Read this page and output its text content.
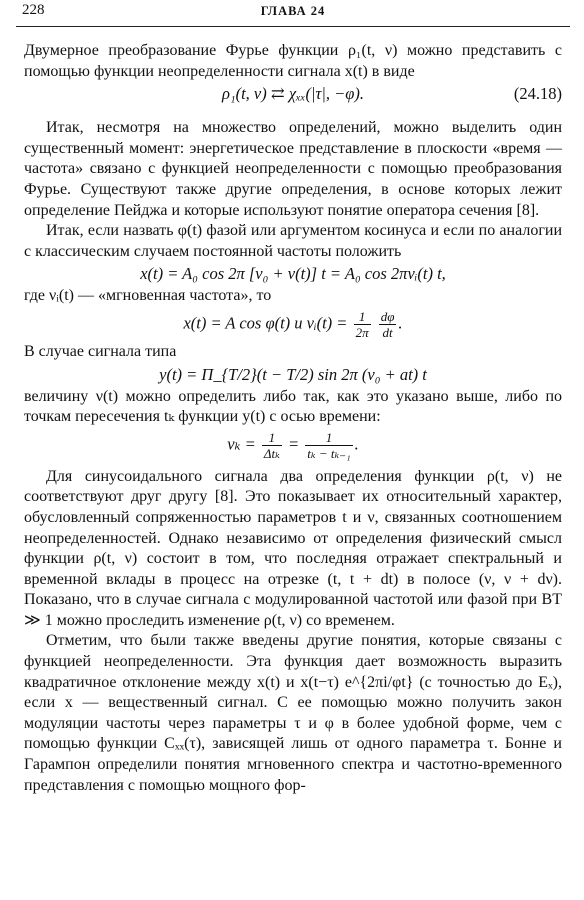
228	ГЛАВА 24

Двумерное преобразование Фурье функции ρ₁(t, ν) можно представить с помощью функции неопределенности сигнала x(t) в виде

ρ₁(t, ν) ⇄ χₓₓ(|τ|, −φ).	(24.18)

Итак, несмотря на множество определений, можно выделить один существенный момент: энергетическое представление в плоскости «время — частота» связано с функцией неопределенности с помощью преобразования Фурье. Существуют также другие определения, в основе которых лежит определение Пейджа и которые используют понятие оператора сечения [8].

Итак, если назвать φ(t) фазой или аргументом косинуса и если по аналогии с классическим случаем постоянной частоты положить

x(t) = A₀ cos 2π [ν₀ + ν(t)] t = A₀ cos 2πνᵢ(t) t,

где νᵢ(t) — «мгновенная частота», то

x(t) = A cos φ(t) и νᵢ(t) = $\frac{1}{2\pi}$
$\frac{d\varphi}{dt}$ .

В случае сигнала типа

y(t) = Π_{T/2}(t − T/2) sin 2π (ν₀ + at) t

величину ν(t) можно определить либо так, как это указано выше, либо по точкам пересечения tₖ функции y(t) с осью времени:

$\nu_k = \frac{1}{\text{Δtₖ}} = \frac{1}{\text{tₖ − tₖ₋₁}}$ .

Для синусоидального сигнала два определения функции ρ(t, ν) не соответствуют друг другу [8]. Это показывает их относительный характер, обусловленный сопряженностью параметров t и ν, связанных соотношением неопределенностей. Однако независимо от определения физический смысл функции ρ(t, ν) состоит в том, что последняя отражает спектральный и временной вклады в процесс на отрезке (t, t + dt) в полосе (ν, ν + dν). Показано, что в случае сигнала с модулированной частотой или фазой при BT ≫ 1 можно проследить изменение ρ(t, ν) со временем.

Отметим, что были также введены другие понятия, которые связаны с функцией неопределенности. Эта функция дает возможность выразить квадратичное отклонение между x(t) и x(t−τ) e^{2πi/φt} (с точностью до Eₓ), если x — вещественный сигнал. С ее помощью можно получить закон модуляции частоты через параметры τ и φ в более удобной форме, чем с помощью функции Cₓₓ(τ), зависящей лишь от одного параметра τ. Бонне и Гарампон определили понятия мгновенного спектра и частотно-временного представления с помощью мощного фор-
